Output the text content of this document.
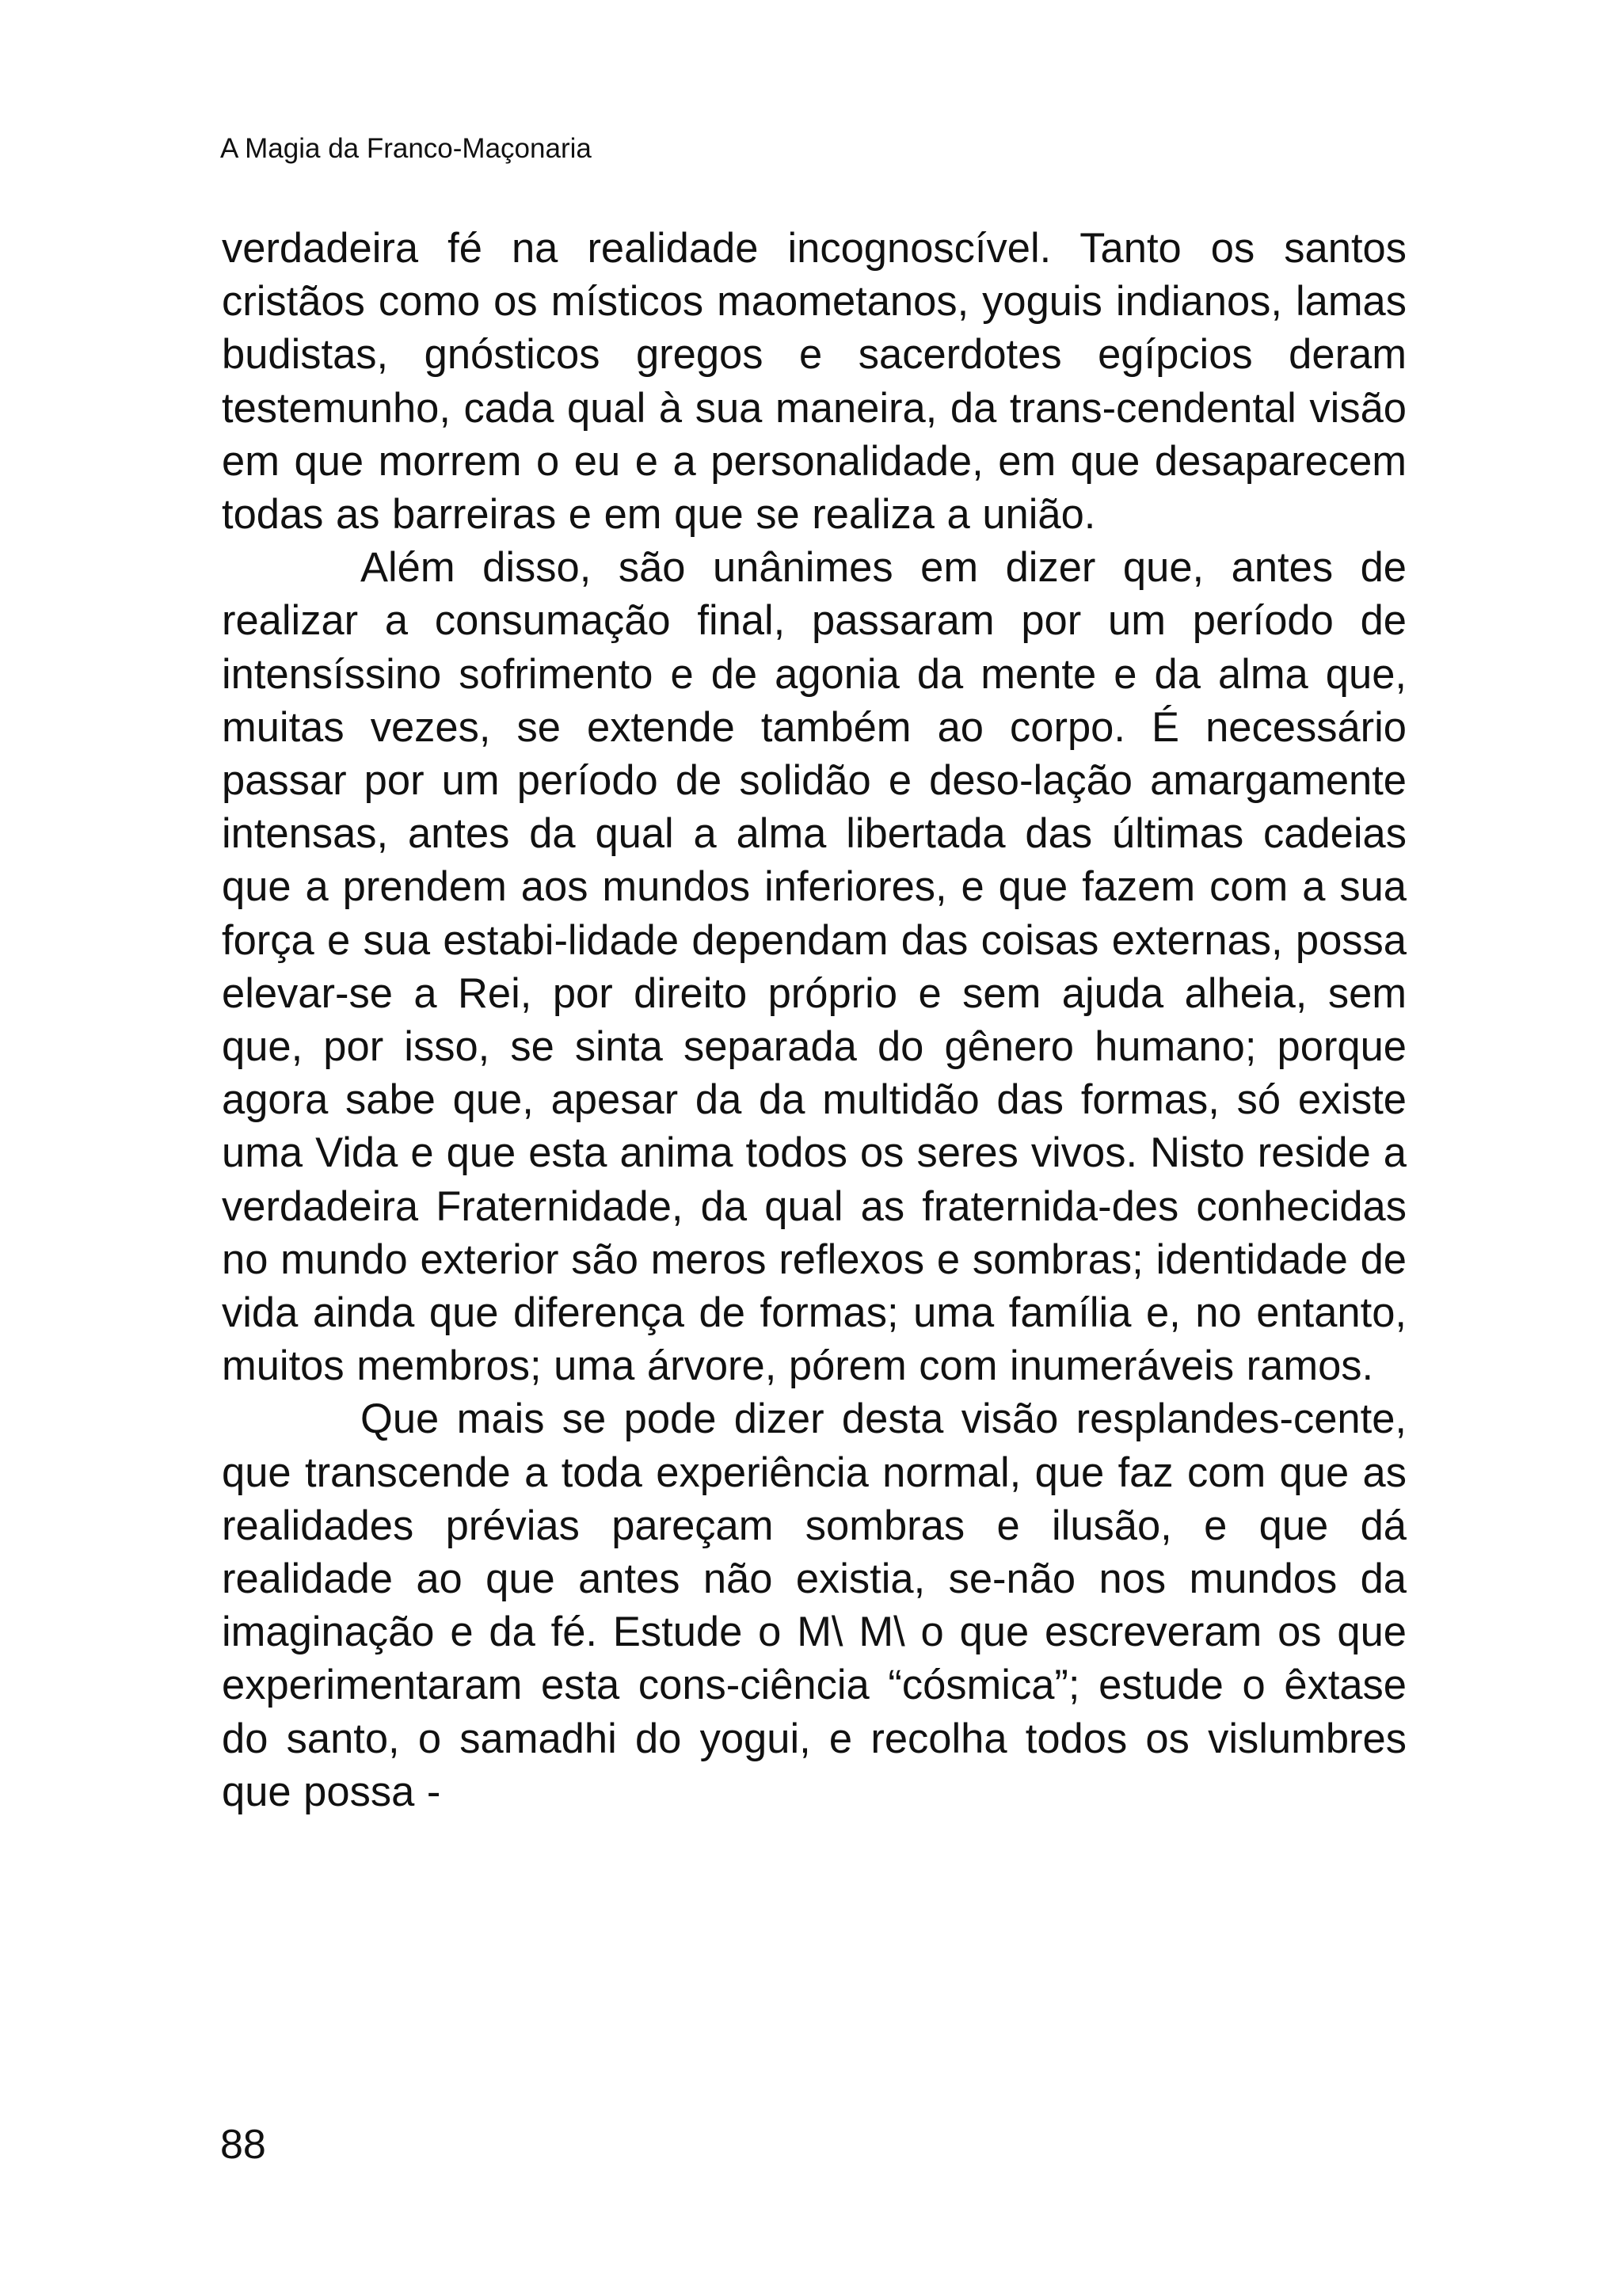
A Magia da Franco-Maçonaria

verdadeira fé na realidade incognoscível. Tanto os santos cristãos como os místicos maometanos, yoguis indianos, lamas budistas, gnósticos gregos e sacerdotes egípcios deram testemunho, cada qual à sua maneira, da trans-cendental visão em que morrem o eu e a personalidade, em que desaparecem todas as barreiras e em que se realiza a união.

Além disso, são unânimes em dizer que, antes de realizar a consumação final, passaram por um período de intensíssino sofrimento e de agonia da mente e da alma que, muitas vezes, se extende também ao corpo. É necessário passar por um período de solidão e deso-lação amargamente intensas, antes da qual a alma libertada das últimas cadeias que a prendem aos mundos inferiores, e que fazem com a sua força e sua estabi-lidade dependam das coisas externas, possa elevar-se a Rei, por direito próprio e sem ajuda alheia, sem que, por isso, se sinta separada do gênero humano; porque agora sabe que, apesar da da multidão das formas, só existe uma Vida e que esta anima todos os seres vivos. Nisto reside a verdadeira Fraternidade, da qual as fraternida-des conhecidas no mundo exterior são meros reflexos e sombras; identidade de vida ainda que diferença de formas; uma família e, no entanto, muitos membros; uma árvore, pórem com inumeráveis ramos.

Que mais se pode dizer desta visão resplandes-cente, que transcende a toda experiência normal, que faz com que as realidades prévias pareçam sombras e ilusão, e que dá realidade ao que antes não existia, se-não nos mundos da imaginação e da fé. Estude o M\ M\ o que escreveram os que experimentaram esta cons-ciência “cósmica”; estude o êxtase do santo, o samadhi do yogui, e recolha todos os vislumbres que possa -

88
